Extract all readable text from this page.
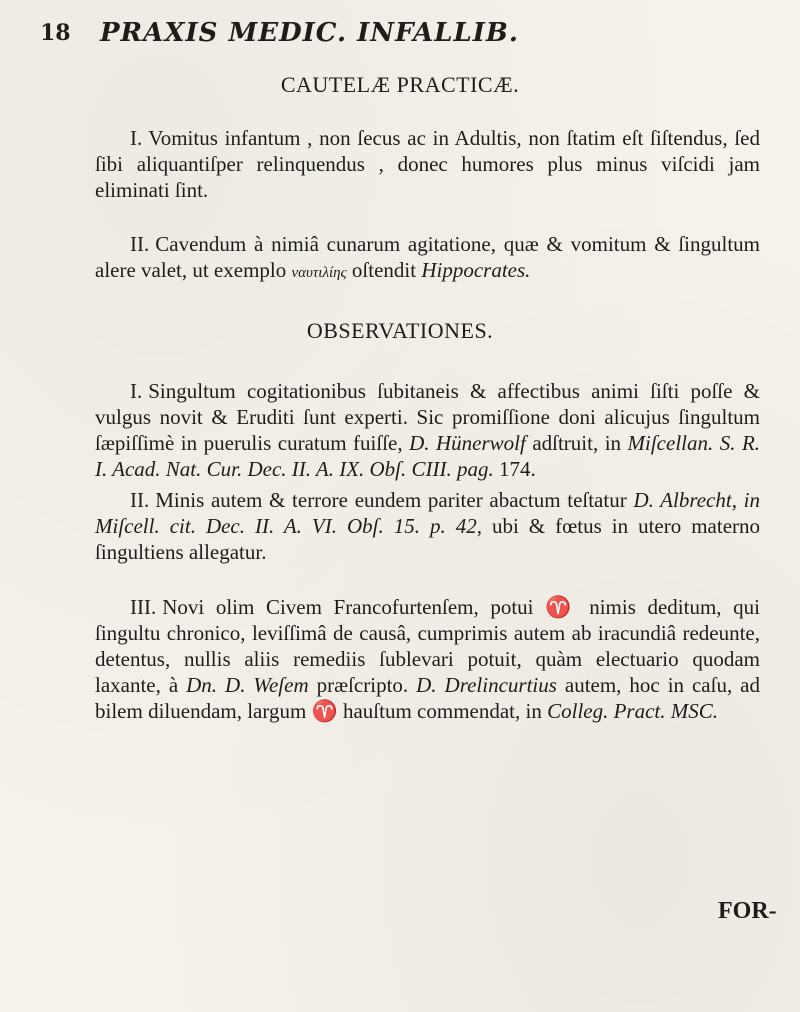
18 PRAXIS MEDIC. INFALLIB.
CAUTELÆ PRACTICÆ.

I. Vomitus infantum , non ſecus ac in Adultis, non ſtatim eſt ſiſtendus, ſed ſibi aliquantiſper relinquendus , donec humores plus minus viſcidi jam eliminati ſint.

II. Cavendum à nimiâ cunarum agitatione, quæ & vomitum & ſingultum alere valet, ut exemplo ναυτιλίης oſtendit Hippocrates.

OBSERVATIONES.

I. Singultum cogitationibus ſubitaneis & affectibus animi ſiſti poſſe & vulgus novit & Eruditi ſunt experti. Sic promiſſione doni alicujus ſingultum ſæpiſſimè in puerulis curatum fuiſſe, D. Hünerwolf adſtruit, in Miſcellan. S. R. I. Acad. Nat. Cur. Dec. II. A. IX. Obſ. CIII. pag. 174.

II. Minis autem & terrore eundem pariter abactum teſtatur D. Albrecht, in Miſcell. cit. Dec. II. A. VI. Obſ. 15. p. 42, ubi & fœtus in utero materno ſingultiens allegatur.

III. Novi olim Civem Francofurtenſem, potui ♈ nimis deditum, qui ſingultu chronico, leviſſimâ de causâ, cumprimis autem ab iracundiâ redeunte, detentus, nullis aliis remediis ſublevari potuit, quàm electuario quodam laxante, à Dn. D. Weſem præſcripto. D. Drelincurtius autem, hoc in caſu, ad bilem diluendam, largum ♈ hauſtum commendat, in Colleg. Pract. MSC.

FOR-
